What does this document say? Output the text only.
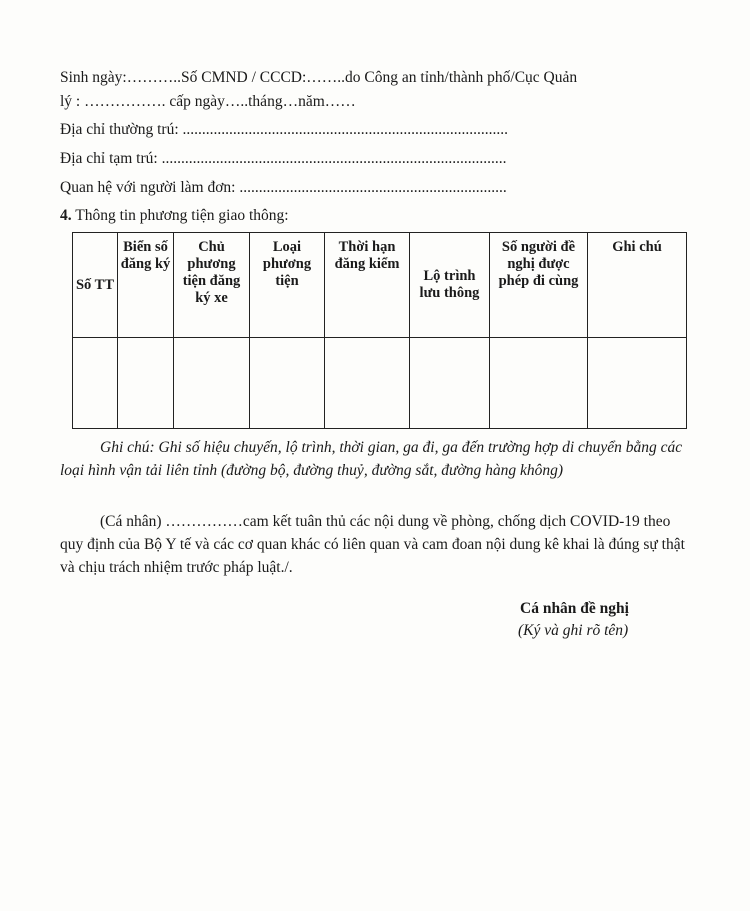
Sinh ngày:………..Số CMND / CCCD:……..do Công an tỉnh/thành phố/Cục Quản
lý : ……………. cấp ngày…..tháng…năm……
Địa chỉ thường trú: ....................................................................................
Địa chỉ tạm trú: .........................................................................................
Quan hệ với người làm đơn: .....................................................................
4. Thông tin phương tiện giao thông:
Số TT	Biển số đăng ký	Chủ phương tiện đăng ký xe	Loại phương tiện	Thời hạn đăng kiểm	Lộ trình lưu thông	Số người đề nghị được phép đi cùng	Ghi chú

Ghi chú: Ghi số hiệu chuyến, lộ trình, thời gian, ga đi, ga đến trường hợp di chuyển bằng các loại hình vận tải liên tỉnh (đường bộ, đường thuỷ, đường sắt, đường hàng không)
(Cá nhân) ……………cam kết tuân thủ các nội dung về phòng, chống dịch COVID-19 theo quy định của Bộ Y tế và các cơ quan khác có liên quan và cam đoan nội dung kê khai là đúng sự thật và chịu trách nhiệm trước pháp luật./.
Cá nhân đề nghị
(Ký và ghi rõ tên)
